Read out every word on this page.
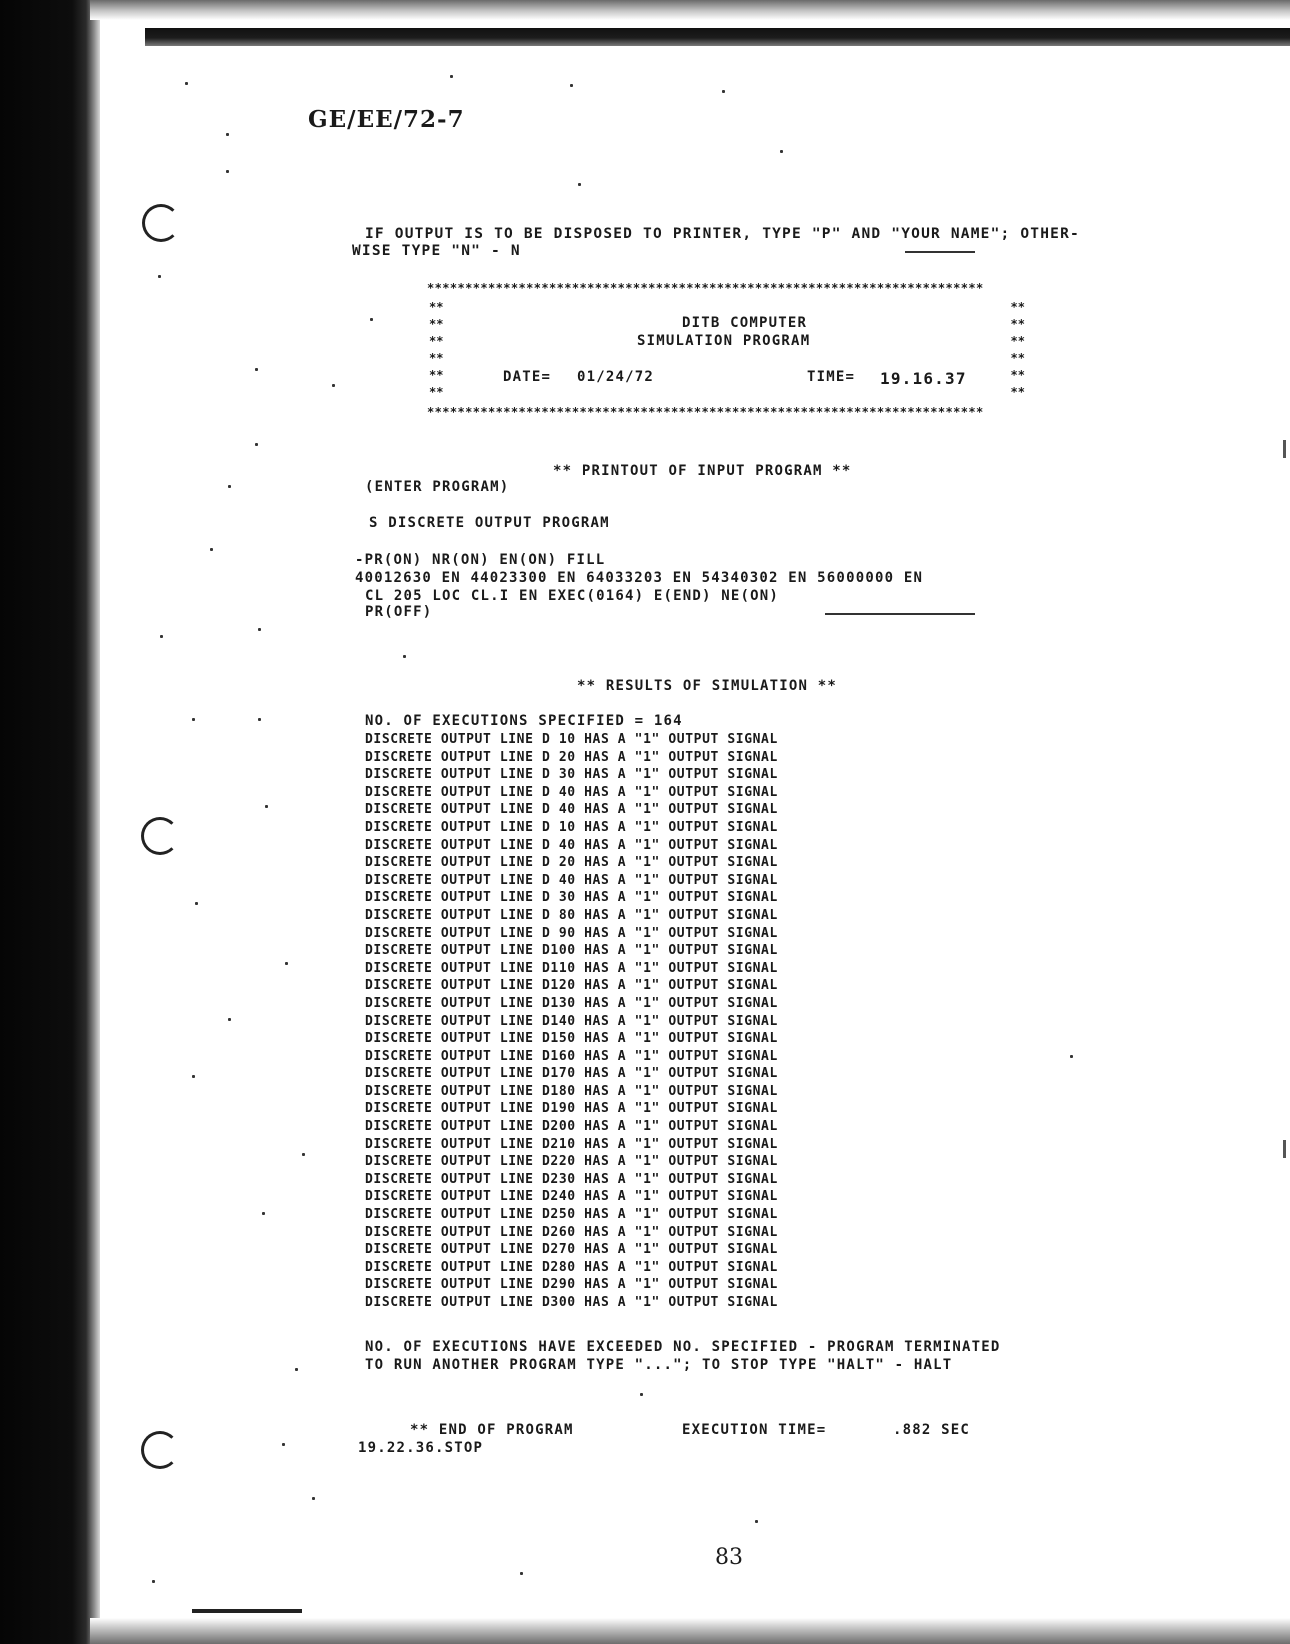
GE/EE/72-7
IF OUTPUT IS TO BE DISPOSED TO PRINTER, TYPE "P" AND "YOUR NAME"; OTHER-
WISE TYPE "N" - N
*************************************************************************
**
**
**
**
**
**
**
**
**
**
**
**
*************************************************************************
DITB COMPUTER
SIMULATION PROGRAM
DATE= 01/24/72	TIME= 19.16.37
** PRINTOUT OF INPUT PROGRAM **
(ENTER PROGRAM)
S DISCRETE OUTPUT PROGRAM
-PR(ON) NR(ON) EN(ON) FILL
40012630 EN 44023300 EN 64033203 EN 54340302 EN 56000000 EN
CL 205 LOC CL.I EN EXEC(0164) E(END) NE(ON)
PR(OFF)
** RESULTS OF SIMULATION **
NO. OF EXECUTIONS SPECIFIED = 164
DISCRETE OUTPUT LINE D 10 HAS A "1" OUTPUT SIGNAL
DISCRETE OUTPUT LINE D 20 HAS A "1" OUTPUT SIGNAL
DISCRETE OUTPUT LINE D 30 HAS A "1" OUTPUT SIGNAL
DISCRETE OUTPUT LINE D 40 HAS A "1" OUTPUT SIGNAL
DISCRETE OUTPUT LINE D 40 HAS A "1" OUTPUT SIGNAL
DISCRETE OUTPUT LINE D 10 HAS A "1" OUTPUT SIGNAL
DISCRETE OUTPUT LINE D 40 HAS A "1" OUTPUT SIGNAL
DISCRETE OUTPUT LINE D 20 HAS A "1" OUTPUT SIGNAL
DISCRETE OUTPUT LINE D 40 HAS A "1" OUTPUT SIGNAL
DISCRETE OUTPUT LINE D 30 HAS A "1" OUTPUT SIGNAL
DISCRETE OUTPUT LINE D 80 HAS A "1" OUTPUT SIGNAL
DISCRETE OUTPUT LINE D 90 HAS A "1" OUTPUT SIGNAL
DISCRETE OUTPUT LINE D100 HAS A "1" OUTPUT SIGNAL
DISCRETE OUTPUT LINE D110 HAS A "1" OUTPUT SIGNAL
DISCRETE OUTPUT LINE D120 HAS A "1" OUTPUT SIGNAL
DISCRETE OUTPUT LINE D130 HAS A "1" OUTPUT SIGNAL
DISCRETE OUTPUT LINE D140 HAS A "1" OUTPUT SIGNAL
DISCRETE OUTPUT LINE D150 HAS A "1" OUTPUT SIGNAL
DISCRETE OUTPUT LINE D160 HAS A "1" OUTPUT SIGNAL
DISCRETE OUTPUT LINE D170 HAS A "1" OUTPUT SIGNAL
DISCRETE OUTPUT LINE D180 HAS A "1" OUTPUT SIGNAL
DISCRETE OUTPUT LINE D190 HAS A "1" OUTPUT SIGNAL
DISCRETE OUTPUT LINE D200 HAS A "1" OUTPUT SIGNAL
DISCRETE OUTPUT LINE D210 HAS A "1" OUTPUT SIGNAL
DISCRETE OUTPUT LINE D220 HAS A "1" OUTPUT SIGNAL
DISCRETE OUTPUT LINE D230 HAS A "1" OUTPUT SIGNAL
DISCRETE OUTPUT LINE D240 HAS A "1" OUTPUT SIGNAL
DISCRETE OUTPUT LINE D250 HAS A "1" OUTPUT SIGNAL
DISCRETE OUTPUT LINE D260 HAS A "1" OUTPUT SIGNAL
DISCRETE OUTPUT LINE D270 HAS A "1" OUTPUT SIGNAL
DISCRETE OUTPUT LINE D280 HAS A "1" OUTPUT SIGNAL
DISCRETE OUTPUT LINE D290 HAS A "1" OUTPUT SIGNAL
DISCRETE OUTPUT LINE D300 HAS A "1" OUTPUT SIGNAL
NO. OF EXECUTIONS HAVE EXCEEDED NO. SPECIFIED - PROGRAM TERMINATED
TO RUN ANOTHER PROGRAM TYPE "..."; TO STOP TYPE "HALT" - HALT
** END OF PROGRAM	EXECUTION TIME=	.882 SEC
19.22.36.STOP
83
